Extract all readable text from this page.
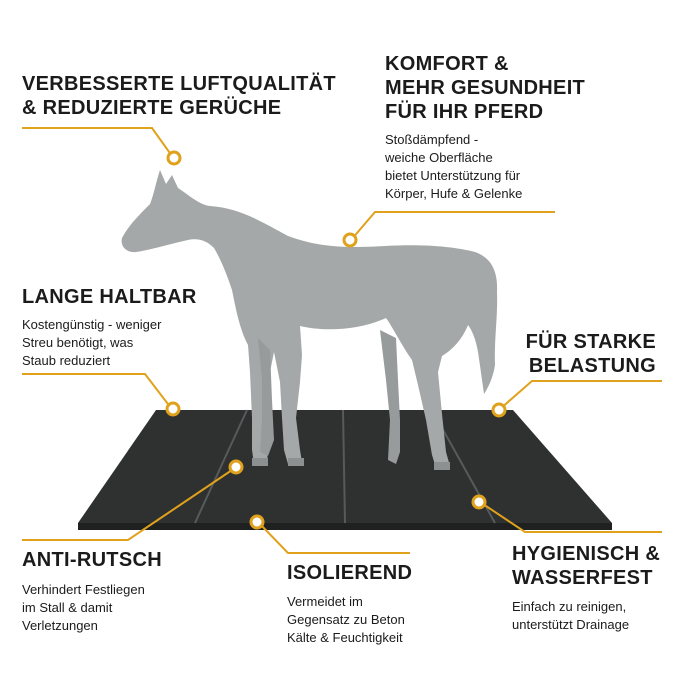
VERBESSERTE LUFTQUALITÄT
& REDUZIERTE GERÜCHE
KOMFORT &
MEHR GESUNDHEIT
FÜR IHR PFERD
Stoßdämpfend -
weiche Oberfläche
bietet Unterstützung für
Körper, Hufe & Gelenke
LANGE HALTBAR
Kostengünstig - weniger
Streu benötigt, was
Staub reduziert
FÜR STARKE
BELASTUNG
ANTI-RUTSCH
Verhindert Festliegen
im Stall & damit
Verletzungen
ISOLIEREND
Vermeidet im
Gegensatz zu Beton
Kälte & Feuchtigkeit
HYGIENISCH &
WASSERFEST
Einfach zu reinigen,
unterstützt Drainage
